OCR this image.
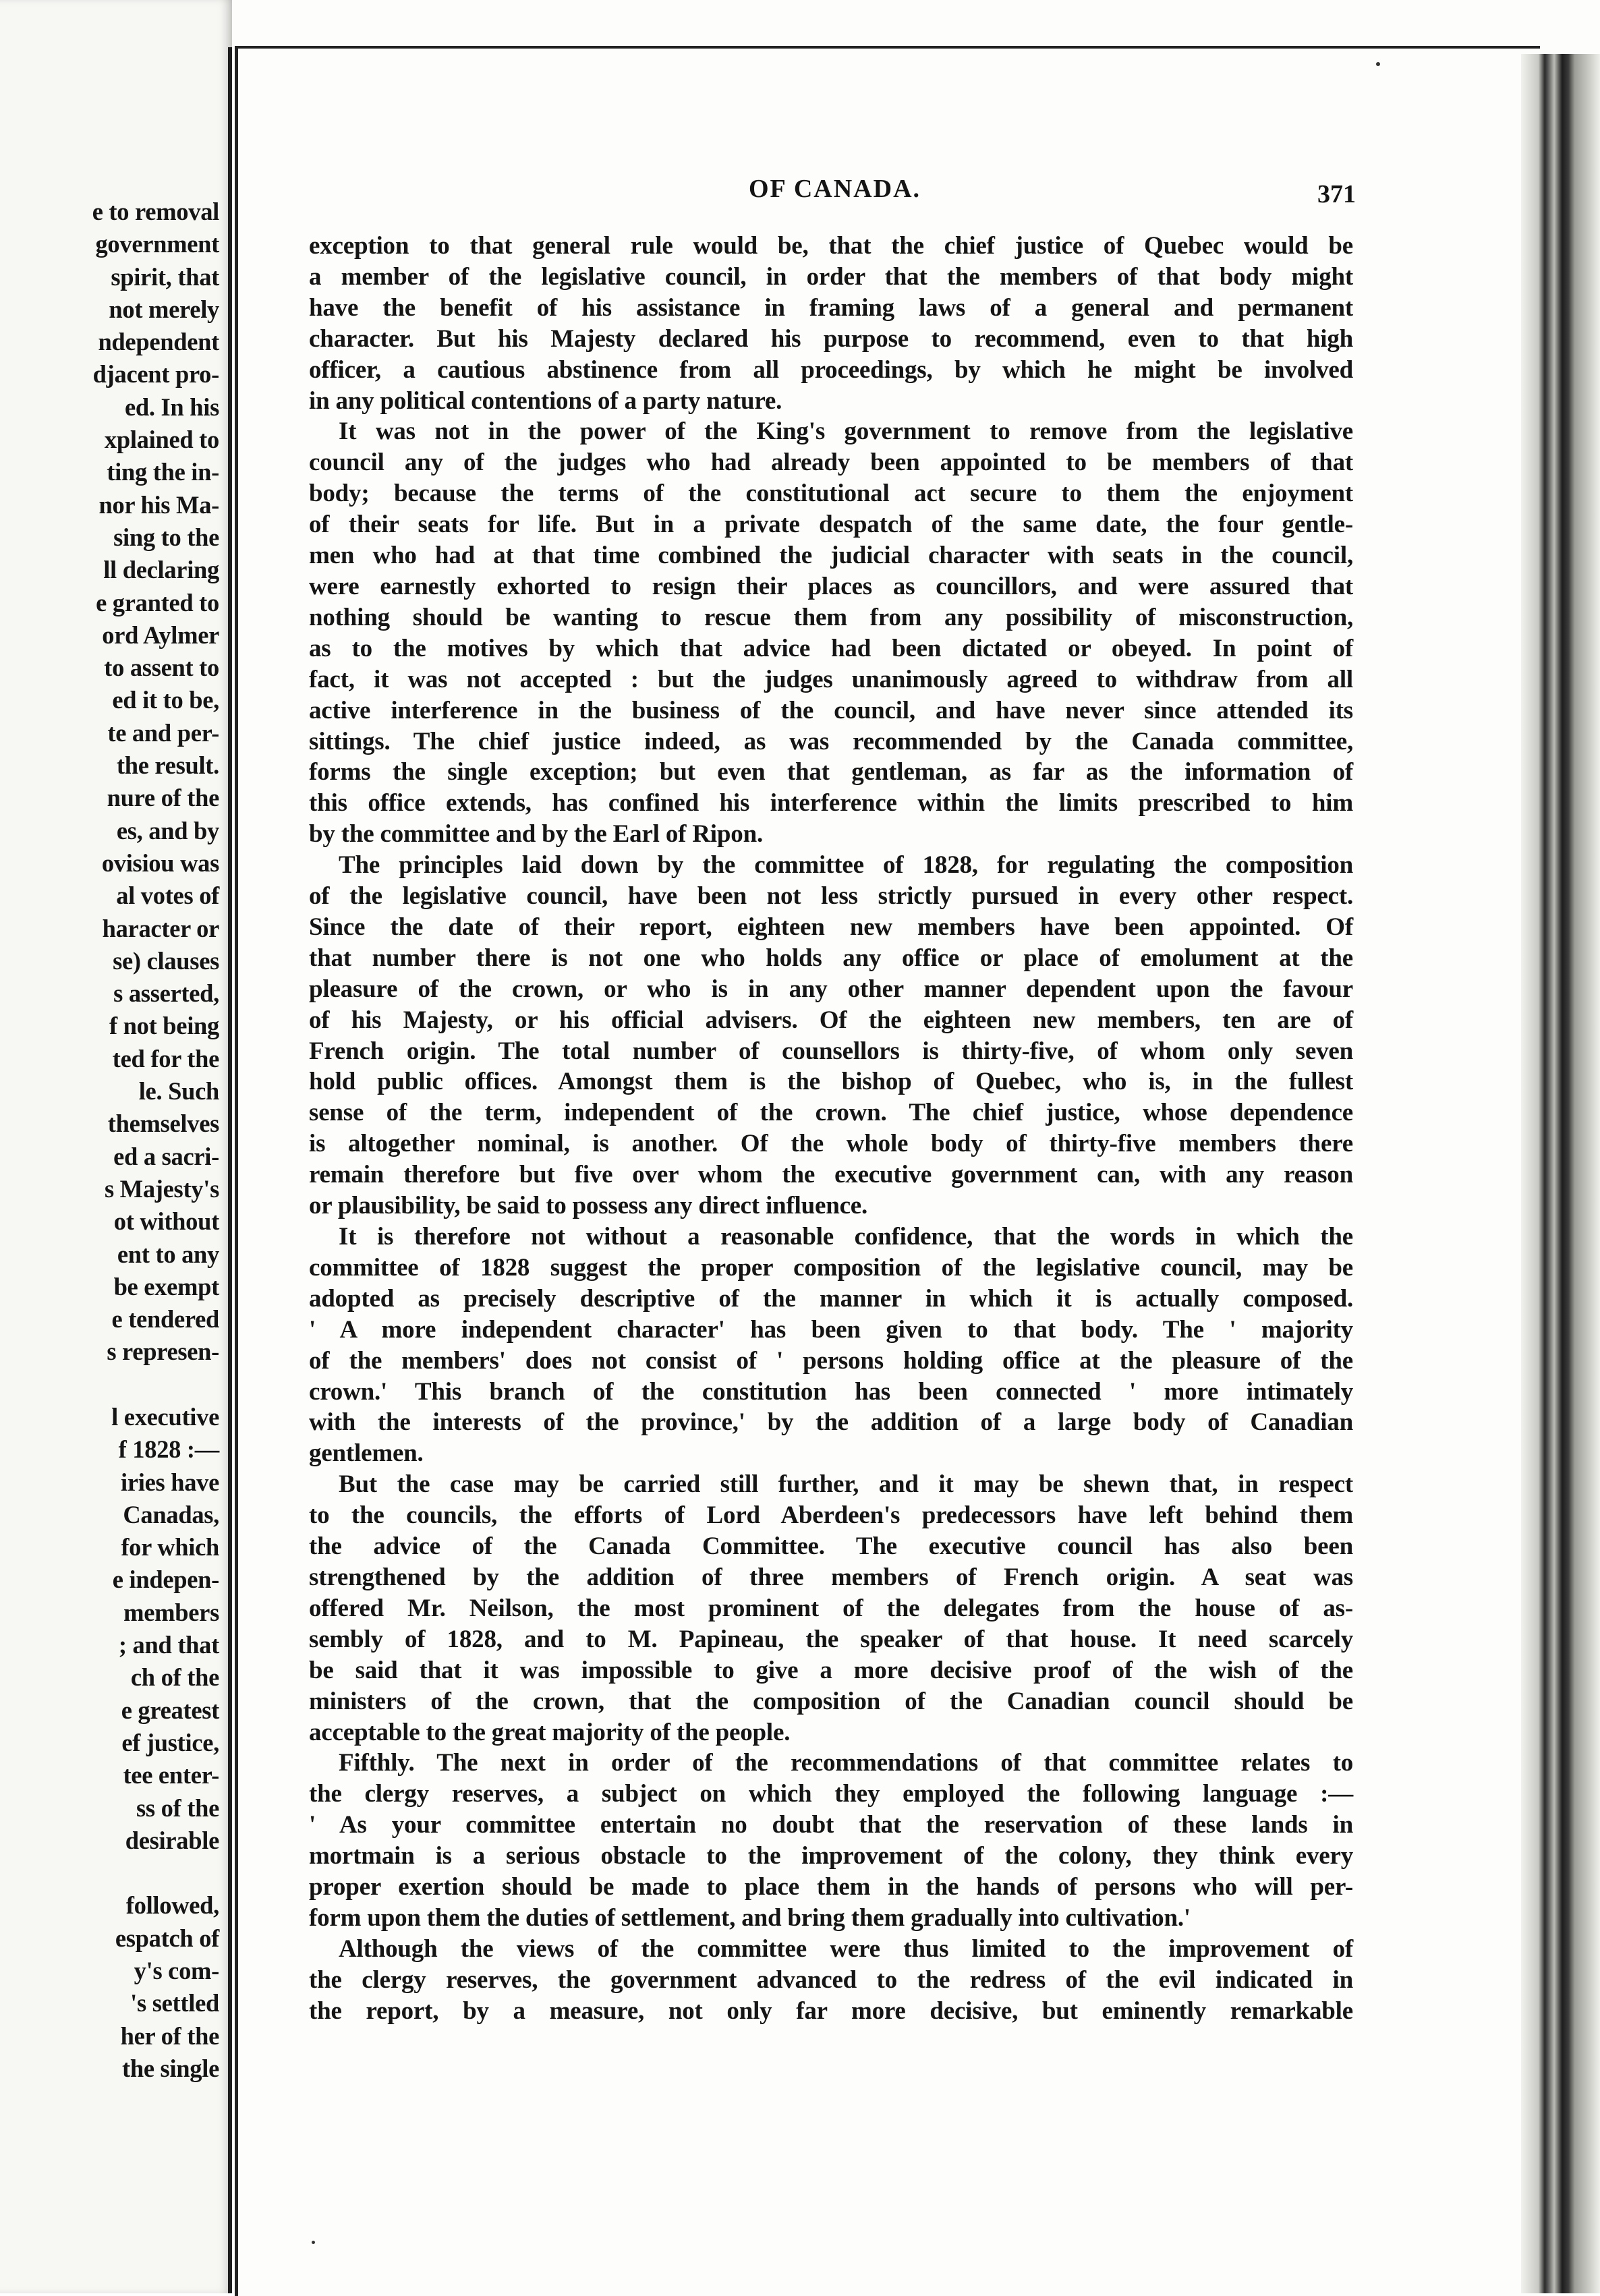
e to removal
government
spirit, that
not merely
ndependent
djacent pro-
ed. In his
xplained to
ting the in-
nor his Ma-
sing to the
ll declaring
e granted to
ord Aylmer
to assent to
ed it to be,
te and per-
the result.
nure of the
es, and by
ovisiou was
al votes of
haracter or
se) clauses
s asserted,
f not being
ted for the
le. Such
themselves
ed a sacri-
s Majesty's
ot without
ent to any
be exempt
e tendered
s represen-
l executive
f 1828 :—
iries have
Canadas,
for which
e indepen-
members
; and that
ch of the
e greatest
ef justice,
tee enter-
ss of the
desirable
followed,
espatch of
y's com-
's settled
her of the
the single
OF CANADA.	371
exception to that general rule would be, that the chief justice of Quebec would be
a member of the legislative council, in order that the members of that body might
have the benefit of his assistance in framing laws of a general and permanent
character. But his Majesty declared his purpose to recommend, even to that high
officer, a cautious abstinence from all proceedings, by which he might be involved
in any political contentions of a party nature.
It was not in the power of the King's government to remove from the legislative
council any of the judges who had already been appointed to be members of that
body; because the terms of the constitutional act secure to them the enjoyment
of their seats for life. But in a private despatch of the same date, the four gentle-
men who had at that time combined the judicial character with seats in the council,
were earnestly exhorted to resign their places as councillors, and were assured that
nothing should be wanting to rescue them from any possibility of misconstruction,
as to the motives by which that advice had been dictated or obeyed. In point of
fact, it was not accepted : but the judges unanimously agreed to withdraw from all
active interference in the business of the council, and have never since attended its
sittings. The chief justice indeed, as was recommended by the Canada committee,
forms the single exception; but even that gentleman, as far as the information of
this office extends, has confined his interference within the limits prescribed to him
by the committee and by the Earl of Ripon.
The principles laid down by the committee of 1828, for regulating the composition
of the legislative council, have been not less strictly pursued in every other respect.
Since the date of their report, eighteen new members have been appointed. Of
that number there is not one who holds any office or place of emolument at the
pleasure of the crown, or who is in any other manner dependent upon the favour
of his Majesty, or his official advisers. Of the eighteen new members, ten are of
French origin. The total number of counsellors is thirty-five, of whom only seven
hold public offices. Amongst them is the bishop of Quebec, who is, in the fullest
sense of the term, independent of the crown. The chief justice, whose dependence
is altogether nominal, is another. Of the whole body of thirty-five members there
remain therefore but five over whom the executive government can, with any reason
or plausibility, be said to possess any direct influence.
It is therefore not without a reasonable confidence, that the words in which the
committee of 1828 suggest the proper composition of the legislative council, may be
adopted as precisely descriptive of the manner in which it is actually composed.
' A more independent character' has been given to that body. The ' majority
of the members' does not consist of ' persons holding office at the pleasure of the
crown.' This branch of the constitution has been connected ' more intimately
with the interests of the province,' by the addition of a large body of Canadian
gentlemen.
But the case may be carried still further, and it may be shewn that, in respect
to the councils, the efforts of Lord Aberdeen's predecessors have left behind them
the advice of the Canada Committee. The executive council has also been
strengthened by the addition of three members of French origin. A seat was
offered Mr. Neilson, the most prominent of the delegates from the house of as-
sembly of 1828, and to M. Papineau, the speaker of that house. It need scarcely
be said that it was impossible to give a more decisive proof of the wish of the
ministers of the crown, that the composition of the Canadian council should be
acceptable to the great majority of the people.
Fifthly. The next in order of the recommendations of that committee relates to
the clergy reserves, a subject on which they employed the following language :—
' As your committee entertain no doubt that the reservation of these lands in
mortmain is a serious obstacle to the improvement of the colony, they think every
proper exertion should be made to place them in the hands of persons who will per-
form upon them the duties of settlement, and bring them gradually into cultivation.'
Although the views of the committee were thus limited to the improvement of
the clergy reserves, the government advanced to the redress of the evil indicated in
the report, by a measure, not only far more decisive, but eminently remarkable
